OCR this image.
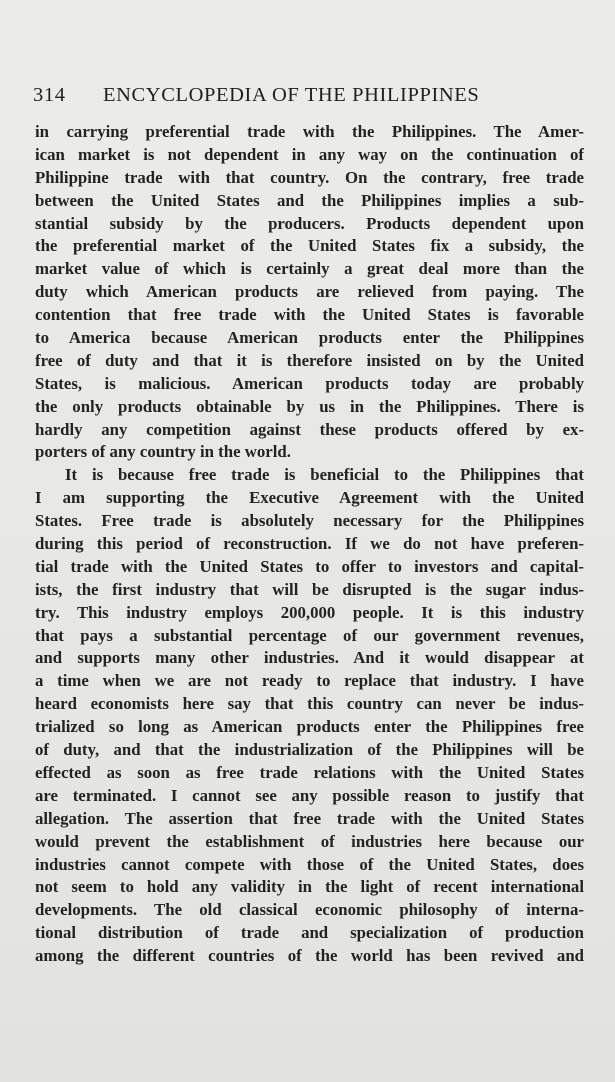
314 ENCYCLOPEDIA OF THE PHILIPPINES
in carrying preferential trade with the Philippines. The Amer-
ican market is not dependent in any way on the continuation of
Philippine trade with that country. On the contrary, free trade
between the United States and the Philippines implies a sub-
stantial subsidy by the producers. Products dependent upon
the preferential market of the United States fix a subsidy, the
market value of which is certainly a great deal more than the
duty which American products are relieved from paying. The
contention that free trade with the United States is favorable
to America because American products enter the Philippines
free of duty and that it is therefore insisted on by the United
States, is malicious. American products today are probably
the only products obtainable by us in the Philippines. There is
hardly any competition against these products offered by ex-
porters of any country in the world.
It is because free trade is beneficial to the Philippines that
I am supporting the Executive Agreement with the United
States. Free trade is absolutely necessary for the Philippines
during this period of reconstruction. If we do not have preferen-
tial trade with the United States to offer to investors and capital-
ists, the first industry that will be disrupted is the sugar indus-
try. This industry employs 200,000 people. It is this industry
that pays a substantial percentage of our government revenues,
and supports many other industries. And it would disappear at
a time when we are not ready to replace that industry. I have
heard economists here say that this country can never be indus-
trialized so long as American products enter the Philippines free
of duty, and that the industrialization of the Philippines will be
effected as soon as free trade relations with the United States
are terminated. I cannot see any possible reason to justify that
allegation. The assertion that free trade with the United States
would prevent the establishment of industries here because our
industries cannot compete with those of the United States, does
not seem to hold any validity in the light of recent international
developments. The old classical economic philosophy of interna-
tional distribution of trade and specialization of production
among the different countries of the world has been revived and
